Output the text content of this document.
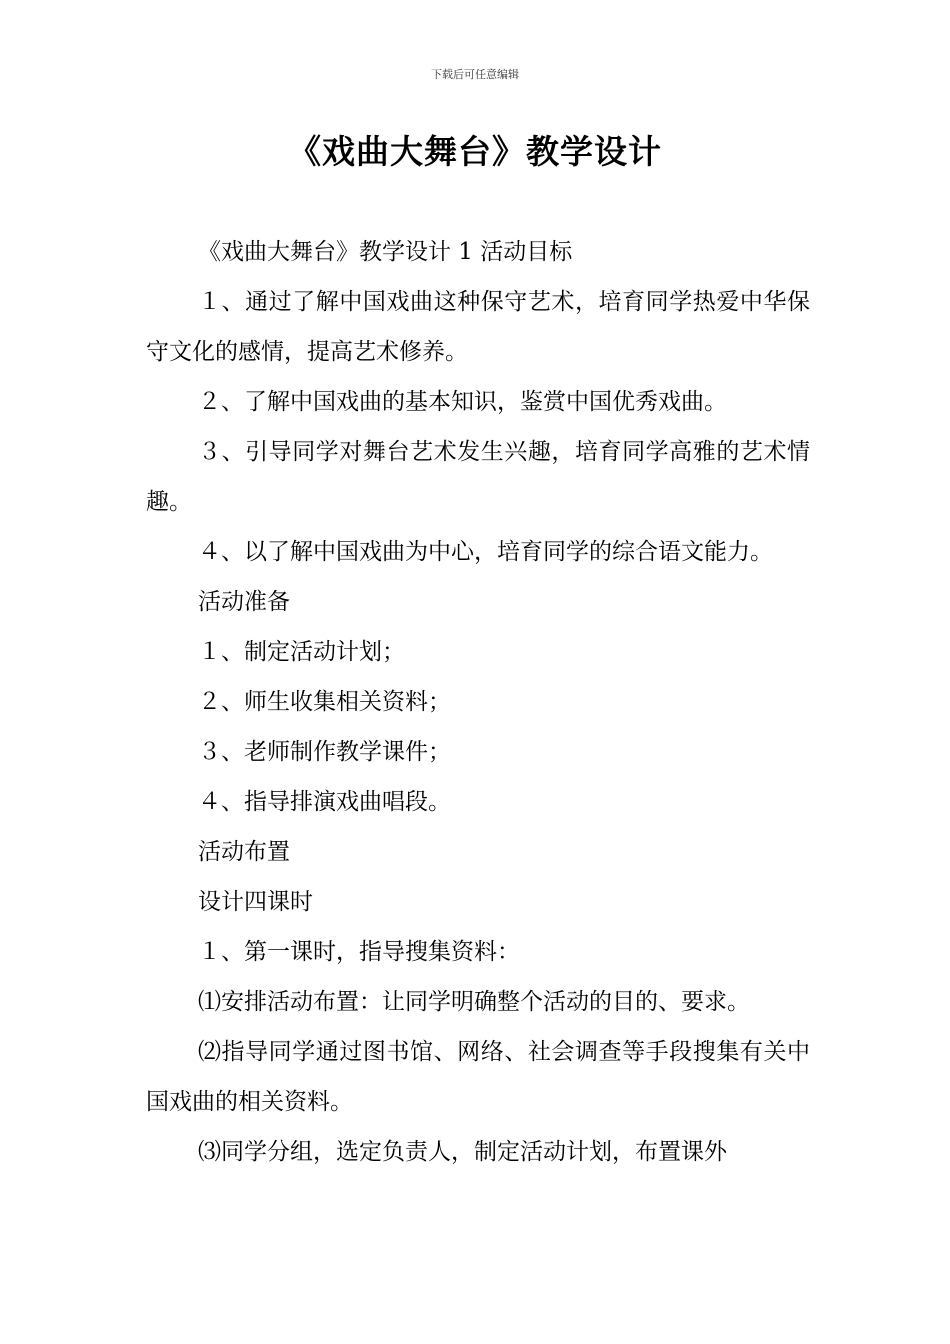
下载后可任意编辑
《戏曲大舞台》教学设计

《戏曲大舞台》教学设计 1 活动目标

１、通过了解中国戏曲这种保守艺术，培育同学热爱中华保守文化的感情，提高艺术修养。

２、了解中国戏曲的基本知识，鉴赏中国优秀戏曲。

３、引导同学对舞台艺术发生兴趣，培育同学高雅的艺术情趣。

４、以了解中国戏曲为中心，培育同学的综合语文能力。

活动准备

１、制定活动计划；

２、师生收集相关资料；

３、老师制作教学课件；

４、指导排演戏曲唱段。

活动布置

设计四课时

１、第一课时，指导搜集资料：

⑴安排活动布置：让同学明确整个活动的目的、要求。

⑵指导同学通过图书馆、网络、社会调查等手段搜集有关中国戏曲的相关资料。

⑶同学分组，选定负责人，制定活动计划，布置课外
